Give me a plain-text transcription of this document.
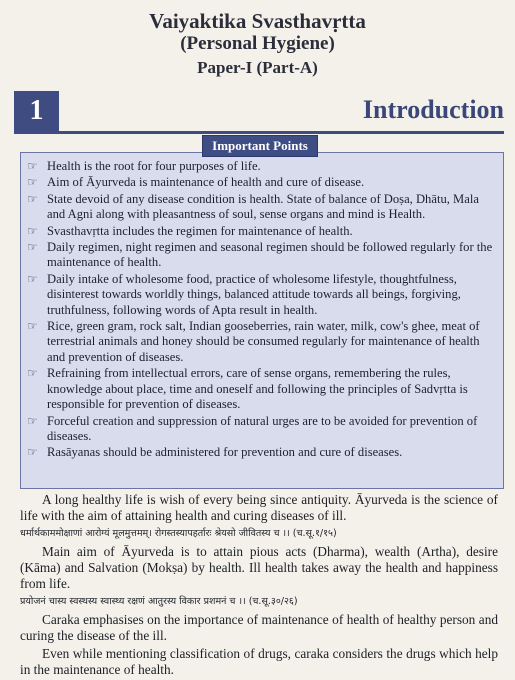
Vaiyaktika Svasthavṛtta
(Personal Hygiene)
Paper-I (Part-A)
1	Introduction
☞ Health is the root for four purposes of life.
☞ Aim of Āyurveda is maintenance of health and cure of disease.
☞ State devoid of any disease condition is health. State of balance of Doṣa, Dhātu, Mala and Agni along with pleasantness of soul, sense organs and mind is Health.
☞ Svasthavṛtta includes the regimen for maintenance of health.
☞ Daily regimen, night regimen and seasonal regimen should be followed regularly for the maintenance of health.
☞ Daily intake of wholesome food, practice of wholesome lifestyle, thoughtfulness, disinterest towards worldly things, balanced attitude towards all beings, forgiving, truthfulness, following words of Apta result in health.
☞ Rice, green gram, rock salt, Indian gooseberries, rain water, milk, cow's ghee, meat of terrestrial animals and honey should be consumed regularly for maintenance of health and prevention of diseases.
☞ Refraining from intellectual errors, care of sense organs, remembering the rules, knowledge about place, time and oneself and following the principles of Sadvṛtta is responsible for prevention of diseases.
☞ Forceful creation and suppression of natural urges are to be avoided for prevention of diseases.
☞ Rasāyanas should be administered for prevention and cure of diseases.
Important Points

A long healthy life is wish of every being since antiquity. Āyurveda is the science of life with the aim of attaining health and curing diseases of ill.

धर्मार्थकाममोक्षाणां आरोग्यं मूलमुत्तमम्। रोगस्तस्यापहर्तारः श्रेयसो जीवितस्य च ।। (च.सू.१/१५)

Main aim of Āyurveda is to attain pious acts (Dharma), wealth (Artha), desire (Kāma) and Salvation (Mokṣa) by health. Ill health takes away the health and happiness from life.

प्रयोजनं चास्य स्वस्थस्य स्वास्थ्य रक्षणं आतुरस्य विकार प्रशमनं च ।। (च.सू.३०/२६)

Caraka emphasises on the importance of maintenance of health of healthy person and curing the disease of the ill.

Even while mentioning classification of drugs, caraka considers the drugs which help in the maintenance of health.
